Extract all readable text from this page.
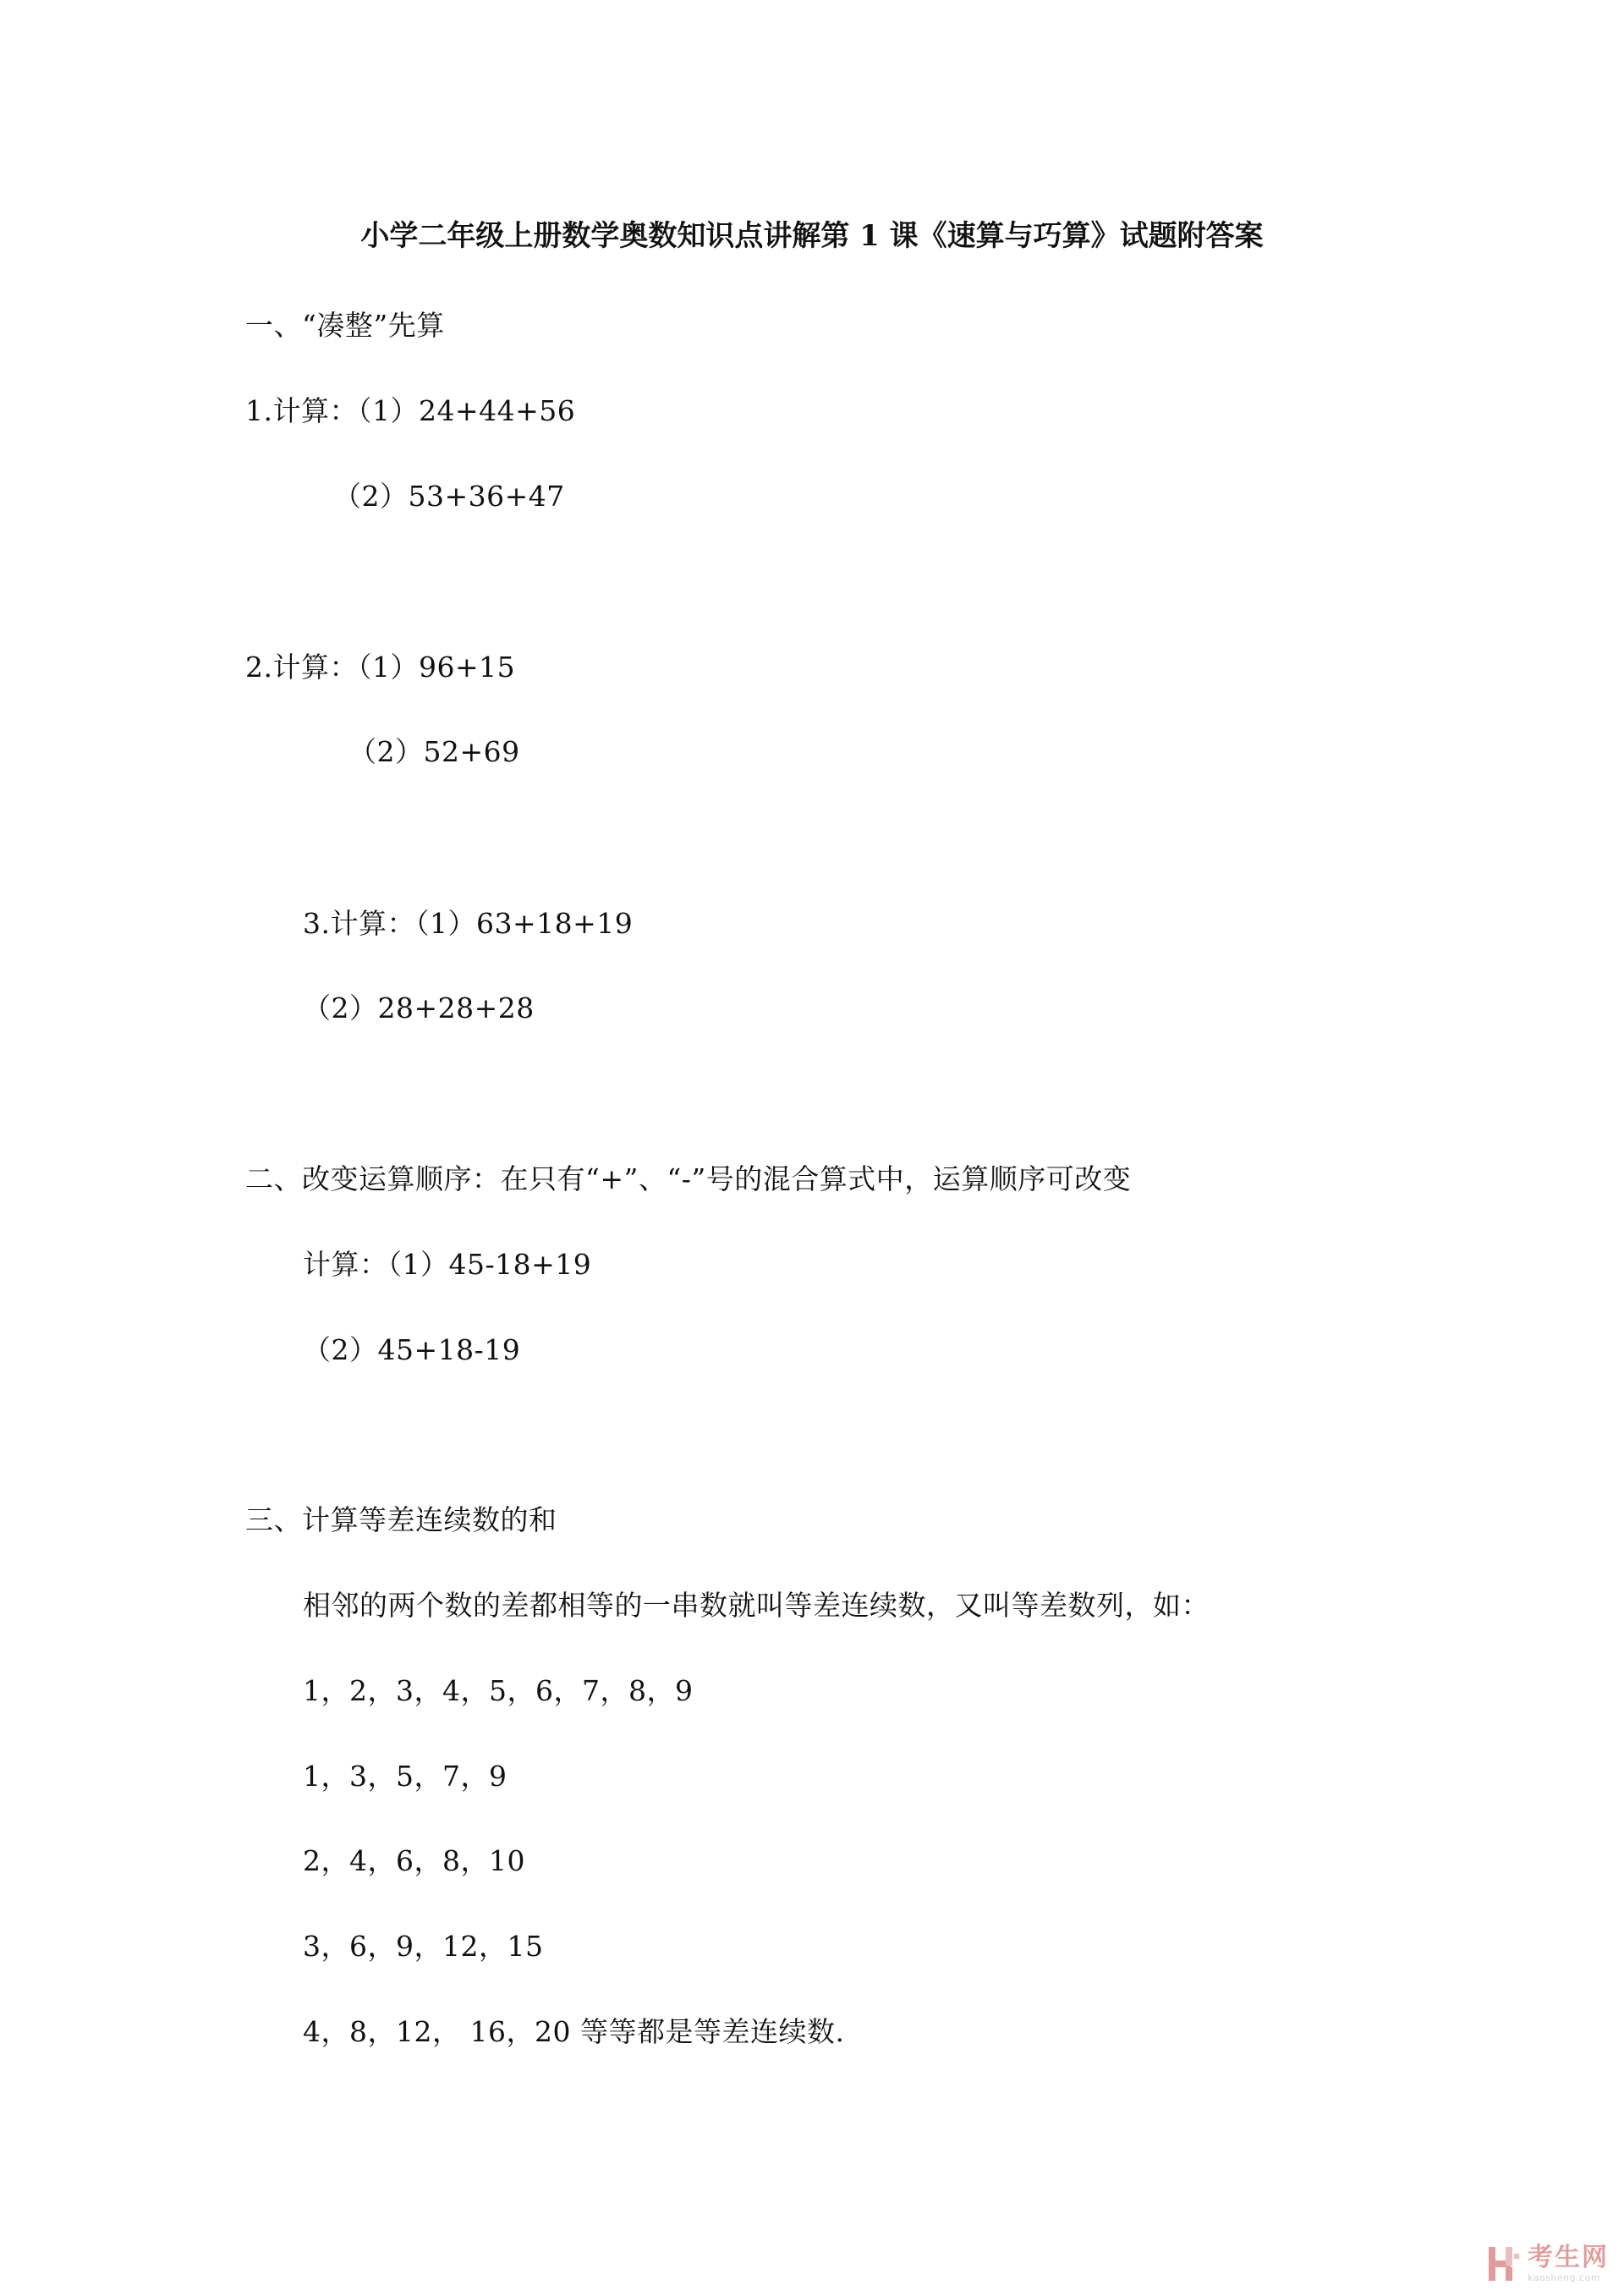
小学二年级上册数学奥数知识点讲解第 1 课《速算与巧算》试题附答案
一、“凑整”先算
1.计算：（1）24+44+56
（2）53+36+47
2.计算：（1）96+15
（2）52+69
3.计算：（1）63+18+19
（2）28+28+28
二、改变运算顺序：在只有“+”、“-”号的混合算式中，运算顺序可改变
计算：（1）45-18+19
（2）45+18-19
三、计算等差连续数的和
相邻的两个数的差都相等的一串数就叫等差连续数，又叫等差数列，如：
1，2，3，4，5，6，7，8，9
1，3，5，7，9
2，4，6，8，10
3，6，9，12，15
4，8，12， 16，20 等等都是等差连续数.
考生网
kaosheng.com
